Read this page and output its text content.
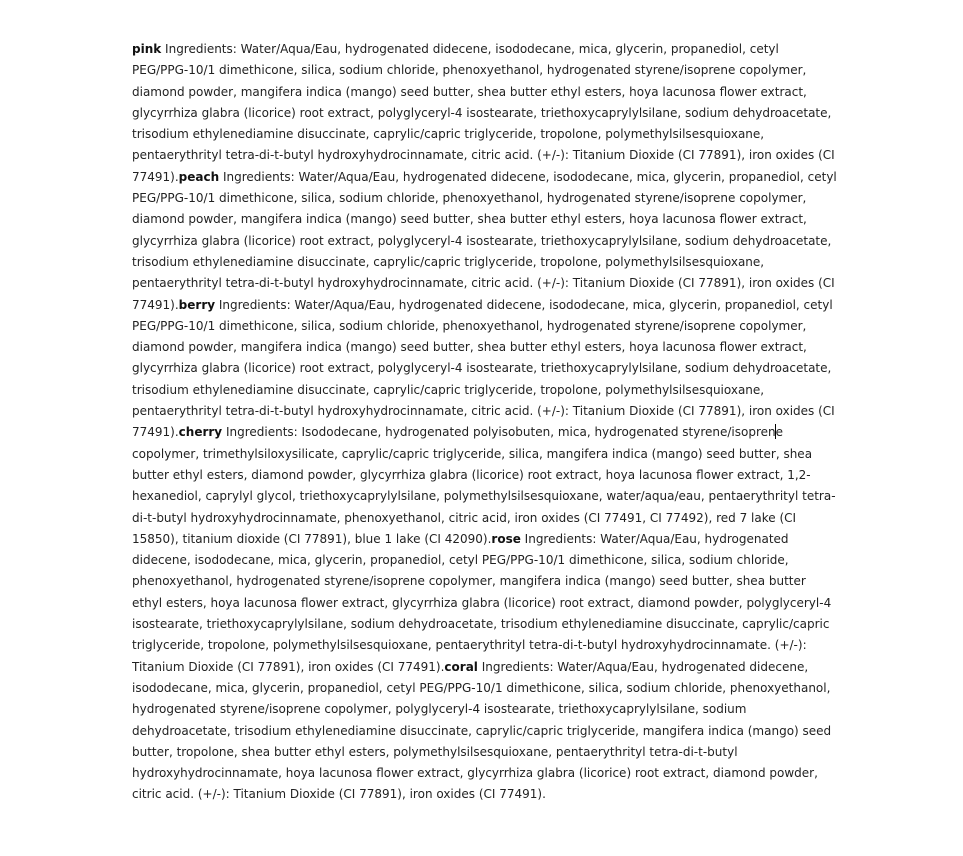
pink Ingredients: Water/Aqua/Eau, hydrogenated didecene, isododecane, mica, glycerin, propanediol, cetyl PEG/PPG-10/1 dimethicone, silica, sodium chloride, phenoxyethanol, hydrogenated styrene/isoprene copolymer, diamond powder, mangifera indica (mango) seed butter, shea butter ethyl esters, hoya lacunosa flower extract, glycyrrhiza glabra (licorice) root extract, polyglyceryl-4 isostearate, triethoxycaprylylsilane, sodium dehydroacetate, trisodium ethylenediamine disuccinate, caprylic/capric triglyceride, tropolone, polymethylsilsesquioxane, pentaerythrityl tetra-di-t-butyl hydroxyhydrocinnamate, citric acid. (+/-): Titanium Dioxide (CI 77891), iron oxides (CI 77491).peach Ingredients: Water/Aqua/Eau, hydrogenated didecene, isododecane, mica, glycerin, propanediol, cetyl PEG/PPG-10/1 dimethicone, silica, sodium chloride, phenoxyethanol, hydrogenated styrene/isoprene copolymer, diamond powder, mangifera indica (mango) seed butter, shea butter ethyl esters, hoya lacunosa flower extract, glycyrrhiza glabra (licorice) root extract, polyglyceryl-4 isostearate, triethoxycaprylylsilane, sodium dehydroacetate, trisodium ethylenediamine disuccinate, caprylic/capric triglyceride, tropolone, polymethylsilsesquioxane, pentaerythrityl tetra-di-t-butyl hydroxyhydrocinnamate, citric acid. (+/-): Titanium Dioxide (CI 77891), iron oxides (CI 77491).berry Ingredients: Water/Aqua/Eau, hydrogenated didecene, isododecane, mica, glycerin, propanediol, cetyl PEG/PPG-10/1 dimethicone, silica, sodium chloride, phenoxyethanol, hydrogenated styrene/isoprene copolymer, diamond powder, mangifera indica (mango) seed butter, shea butter ethyl esters, hoya lacunosa flower extract, glycyrrhiza glabra (licorice) root extract, polyglyceryl-4 isostearate, triethoxycaprylylsilane, sodium dehydroacetate, trisodium ethylenediamine disuccinate, caprylic/capric triglyceride, tropolone, polymethylsilsesquioxane, pentaerythrityl tetra-di-t-butyl hydroxyhydrocinnamate, citric acid. (+/-): Titanium Dioxide (CI 77891), iron oxides (CI 77491).cherry Ingredients: Isododecane, hydrogenated polyisobuten, mica, hydrogenated styrene/isoprene copolymer, trimethylsiloxysilicate, caprylic/capric triglyceride, silica, mangifera indica (mango) seed butter, shea butter ethyl esters, diamond powder, glycyrrhiza glabra (licorice) root extract, hoya lacunosa flower extract, 1,2-hexanediol, caprylyl glycol, triethoxycaprylylsilane, polymethylsilsesquioxane, water/aqua/eau, pentaerythrityl tetra-di-t-butyl hydroxyhydrocinnamate, phenoxyethanol, citric acid, iron oxides (CI 77491, CI 77492), red 7 lake (CI 15850), titanium dioxide (CI 77891), blue 1 lake (CI 42090).rose Ingredients: Water/Aqua/Eau, hydrogenated didecene, isododecane, mica, glycerin, propanediol, cetyl PEG/PPG-10/1 dimethicone, silica, sodium chloride, phenoxyethanol, hydrogenated styrene/isoprene copolymer, mangifera indica (mango) seed butter, shea butter ethyl esters, hoya lacunosa flower extract, glycyrrhiza glabra (licorice) root extract, diamond powder, polyglyceryl-4 isostearate, triethoxycaprylylsilane, sodium dehydroacetate, trisodium ethylenediamine disuccinate, caprylic/capric triglyceride, tropolone, polymethylsilsesquioxane, pentaerythrityl tetra-di-t-butyl hydroxyhydrocinnamate. (+/-): Titanium Dioxide (CI 77891), iron oxides (CI 77491).coral Ingredients: Water/Aqua/Eau, hydrogenated didecene, isododecane, mica, glycerin, propanediol, cetyl PEG/PPG-10/1 dimethicone, silica, sodium chloride, phenoxyethanol, hydrogenated styrene/isoprene copolymer, polyglyceryl-4 isostearate, triethoxycaprylylsilane, sodium dehydroacetate, trisodium ethylenediamine disuccinate, caprylic/capric triglyceride, mangifera indica (mango) seed butter, tropolone, shea butter ethyl esters, polymethylsilsesquioxane, pentaerythrityl tetra-di-t-butyl hydroxyhydrocinnamate, hoya lacunosa flower extract, glycyrrhiza glabra (licorice) root extract, diamond powder, citric acid. (+/-): Titanium Dioxide (CI 77891), iron oxides (CI 77491).
